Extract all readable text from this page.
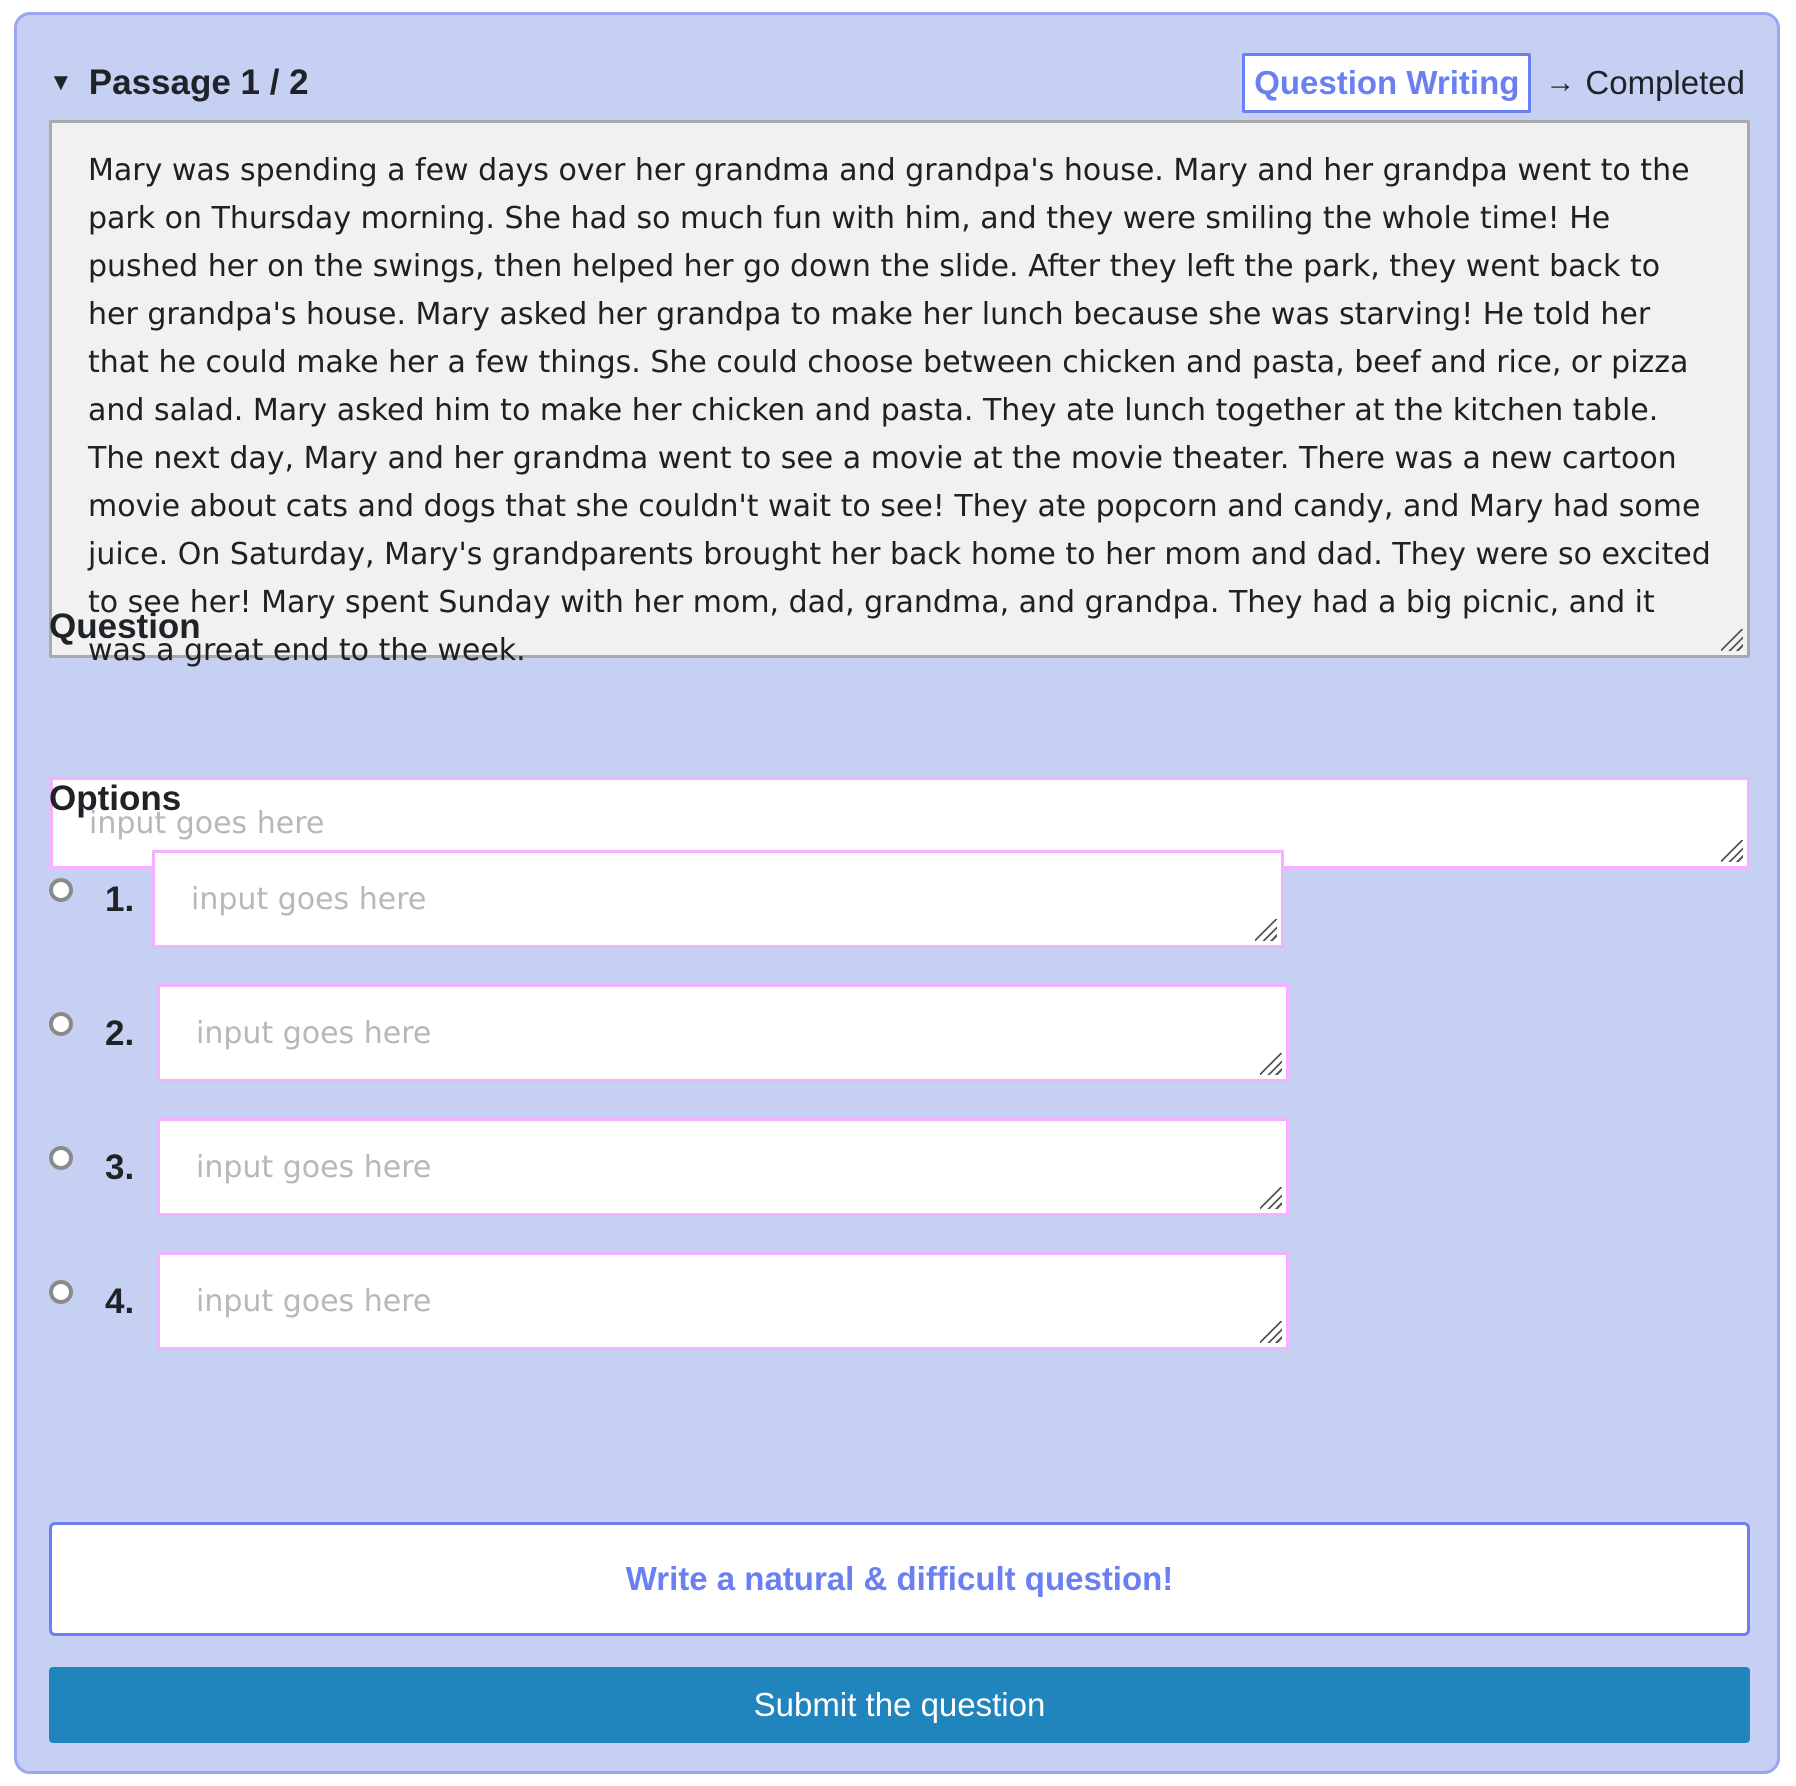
▼ Passage 1 / 2	Question Writing → Completed
Mary was spending a few days over her grandma and grandpa's house. Mary and her grandpa went to the park on Thursday morning. She had so much fun with him, and they were smiling the whole time! He pushed her on the swings, then helped her go down the slide. After they left the park, they went back to her grandpa's house. Mary asked her grandpa to make her lunch because she was starving! He told her that he could make her a few things. She could choose between chicken and pasta, beef and rice, or pizza and salad. Mary asked him to make her chicken and pasta. They ate lunch together at the kitchen table. The next day, Mary and her grandma went to see a movie at the movie theater. There was a new cartoon movie about cats and dogs that she couldn't wait to see! They ate popcorn and candy, and Mary had some juice. On Saturday, Mary's grandparents brought her back home to her mom and dad. They were so excited to see her! Mary spent Sunday with her mom, dad, grandma, and grandpa. They had a big picnic, and it was a great end to the week.
Question
input goes here
Options
1. input goes here
2. input goes here
3. input goes here
4. input goes here
Write a natural & difficult question!
Submit the question
